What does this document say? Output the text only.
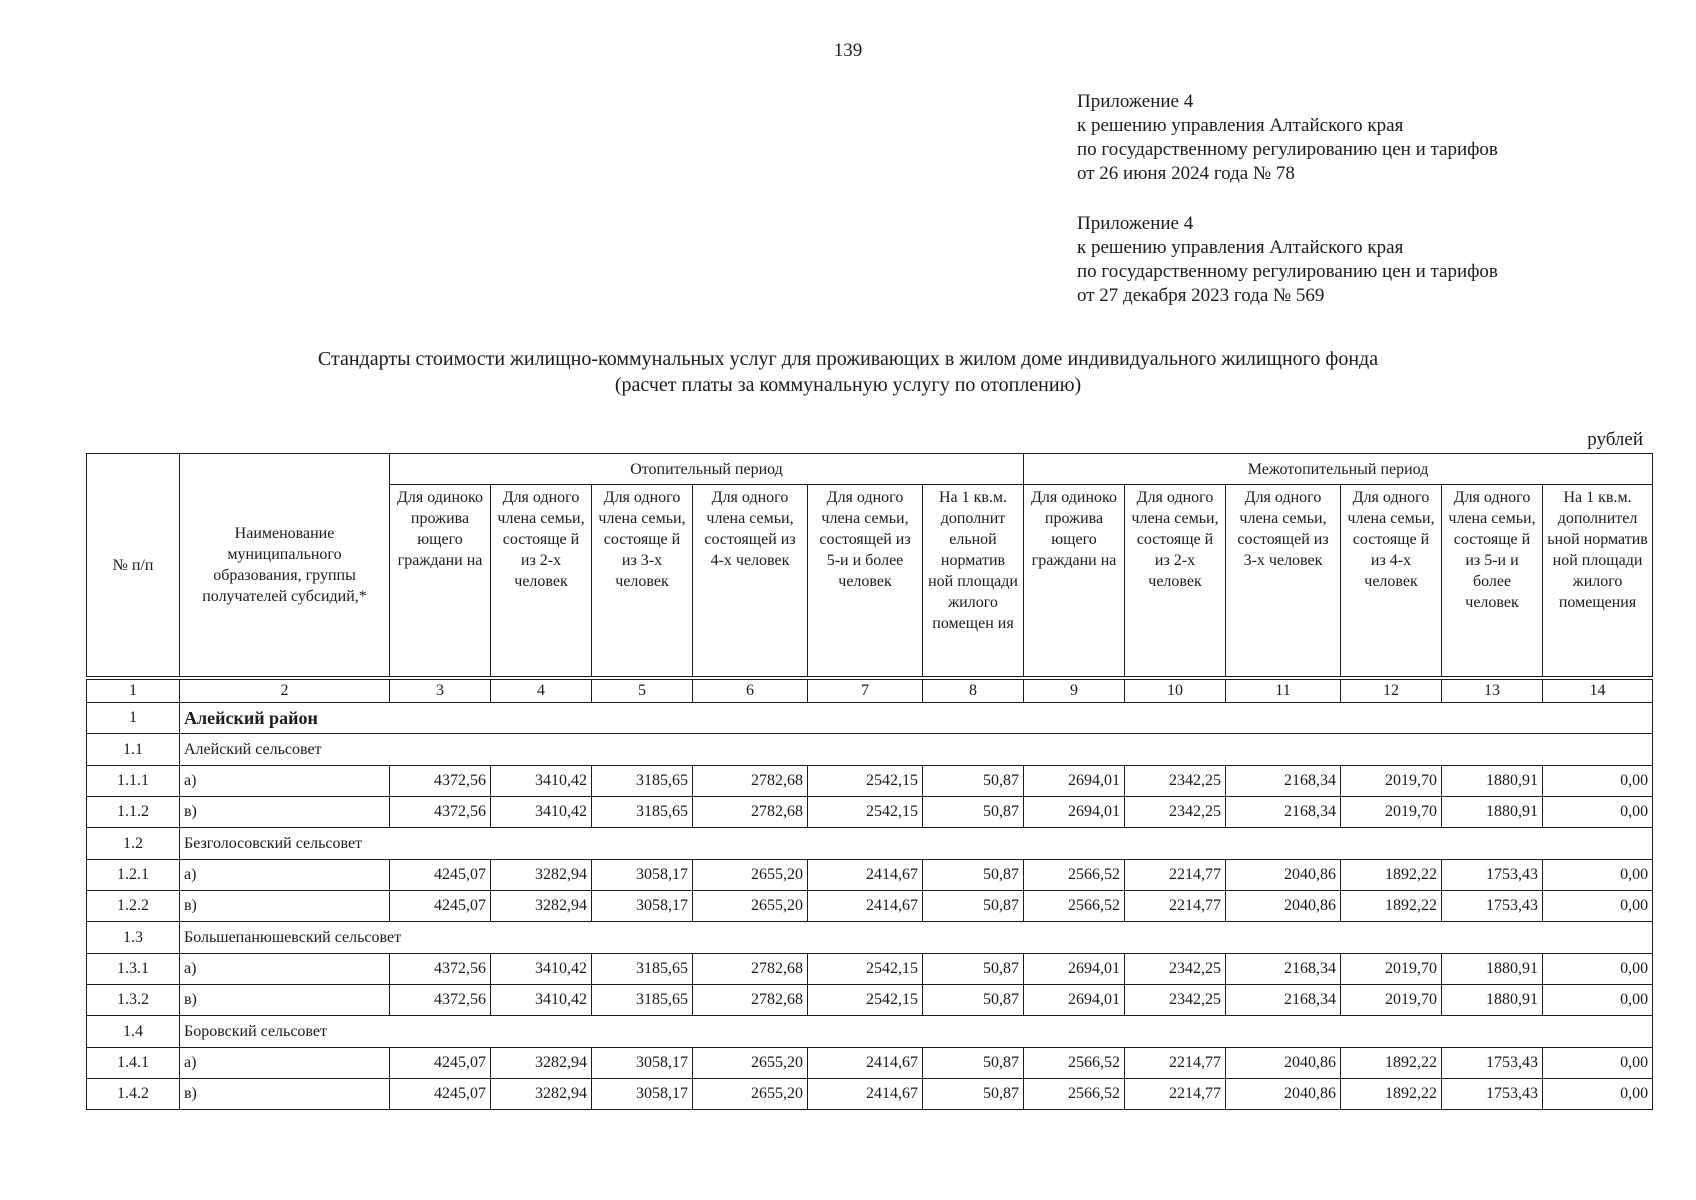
139
Приложение 4
к решению управления Алтайского края
по государственному регулированию цен и тарифов
от 26 июня 2024 года № 78
Приложение 4
к решению управления Алтайского края
по государственному регулированию цен и тарифов
от 27 декабря 2023 года № 569
Стандарты стоимости жилищно-коммунальных услуг для проживающих в жилом доме индивидуального жилищного фонда
(расчет платы за коммунальную услугу по отоплению)
рублей
№ п/п	Наименование муниципального образования, группы получателей субсидий,*	Отопительный период						Межотопительный период					
		Для одиноко прожива ющего граждани на	Для одного члена семьи, состояще й из 2-х человек	Для одного члена семьи, состояще й из 3-х человек	Для одного члена семьи, состоящей из 4-х человек	Для одного члена семьи, состоящей из 5-и и более человек	На 1 кв.м. дополнит ельной норматив ной площади жилого помещен ия	Для одиноко прожива ющего граждани на	Для одного члена семьи, состояще й из 2-х человек	Для одного члена семьи, состоящей из 3-х человек	Для одного члена семьи, состояще й из 4-х человек	Для одного члена семьи, состояще й из 5-и и более человек	На 1 кв.м. дополнител ьной норматив ной площади жилого помещения

1	2	3	4	5	6	7	8	9	10	11	12	13	14
1	Алейский район												
1.1	Алейский сельсовет												
1.1.1	а)	4372,56	3410,42	3185,65	2782,68	2542,15	50,87	2694,01	2342,25	2168,34	2019,70	1880,91	0,00
1.1.2	в)	4372,56	3410,42	3185,65	2782,68	2542,15	50,87	2694,01	2342,25	2168,34	2019,70	1880,91	0,00
1.2	Безголосовский сельсовет												
1.2.1	а)	4245,07	3282,94	3058,17	2655,20	2414,67	50,87	2566,52	2214,77	2040,86	1892,22	1753,43	0,00
1.2.2	в)	4245,07	3282,94	3058,17	2655,20	2414,67	50,87	2566,52	2214,77	2040,86	1892,22	1753,43	0,00
1.3	Большепанюшевский сельсовет												
1.3.1	а)	4372,56	3410,42	3185,65	2782,68	2542,15	50,87	2694,01	2342,25	2168,34	2019,70	1880,91	0,00
1.3.2	в)	4372,56	3410,42	3185,65	2782,68	2542,15	50,87	2694,01	2342,25	2168,34	2019,70	1880,91	0,00
1.4	Боровский сельсовет												
1.4.1	а)	4245,07	3282,94	3058,17	2655,20	2414,67	50,87	2566,52	2214,77	2040,86	1892,22	1753,43	0,00
1.4.2	в)	4245,07	3282,94	3058,17	2655,20	2414,67	50,87	2566,52	2214,77	2040,86	1892,22	1753,43	0,00
